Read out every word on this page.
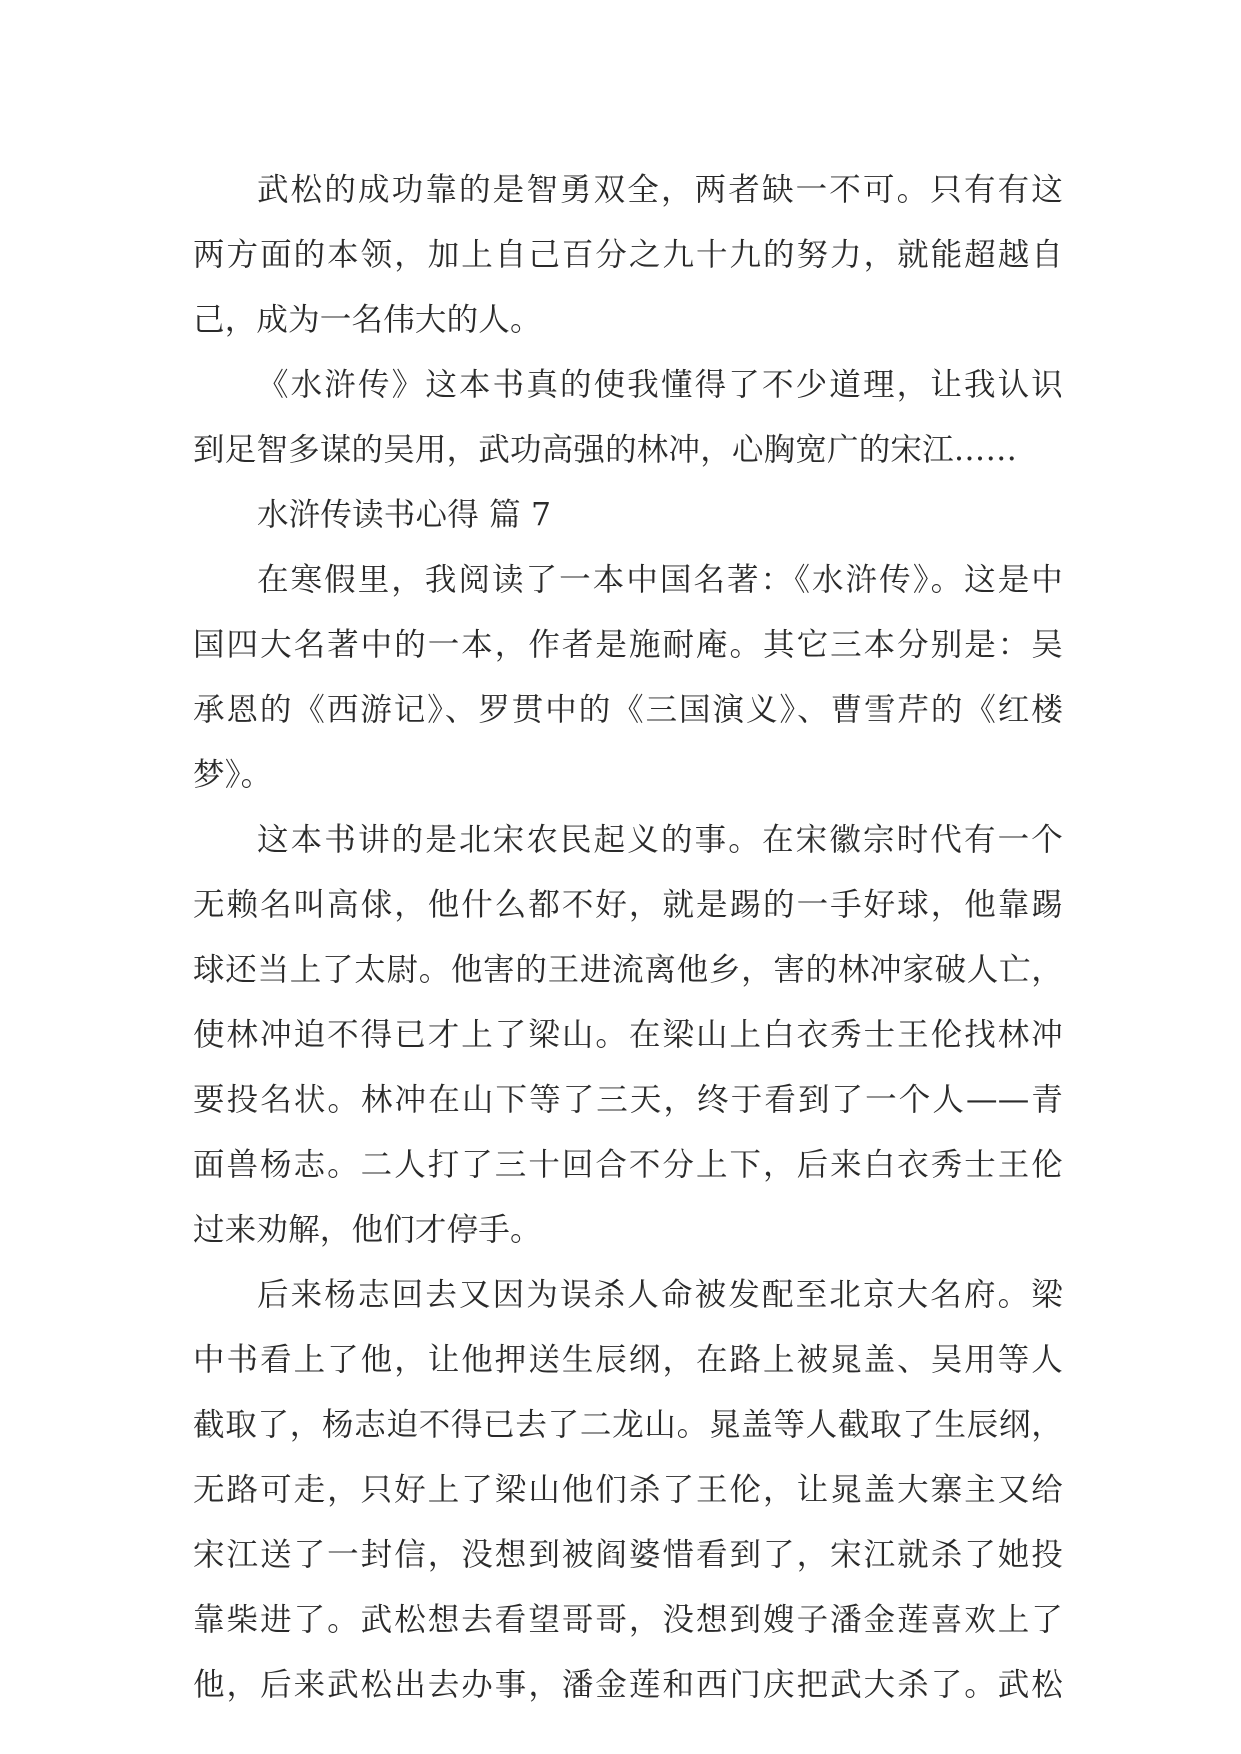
武松的成功靠的是智勇双全，两者缺一不可。只有有这
两方面的本领，加上自己百分之九十九的努力，就能超越自
己，成为一名伟大的人。
《水浒传》这本书真的使我懂得了不少道理，让我认识
到足智多谋的吴用，武功高强的林冲，心胸宽广的宋江……
水浒传读书心得 篇 7
在寒假里，我阅读了一本中国名著：《水浒传》。这是中
国四大名著中的一本，作者是施耐庵。其它三本分别是：吴
承恩的《西游记》、罗贯中的《三国演义》、曹雪芹的《红楼
梦》。
这本书讲的是北宋农民起义的事。在宋徽宗时代有一个
无赖名叫高俅，他什么都不好，就是踢的一手好球，他靠踢
球还当上了太尉。他害的王进流离他乡，害的林冲家破人亡，
使林冲迫不得已才上了梁山。在梁山上白衣秀士王伦找林冲
要投名状。林冲在山下等了三天，终于看到了一个人——青
面兽杨志。二人打了三十回合不分上下，后来白衣秀士王伦
过来劝解，他们才停手。
后来杨志回去又因为误杀人命被发配至北京大名府。梁
中书看上了他，让他押送生辰纲，在路上被晁盖、吴用等人
截取了，杨志迫不得已去了二龙山。晁盖等人截取了生辰纲，
无路可走，只好上了梁山他们杀了王伦，让晁盖大寨主又给
宋江送了一封信，没想到被阎婆惜看到了，宋江就杀了她投
靠柴进了。武松想去看望哥哥，没想到嫂子潘金莲喜欢上了
他，后来武松出去办事，潘金莲和西门庆把武大杀了。武松
